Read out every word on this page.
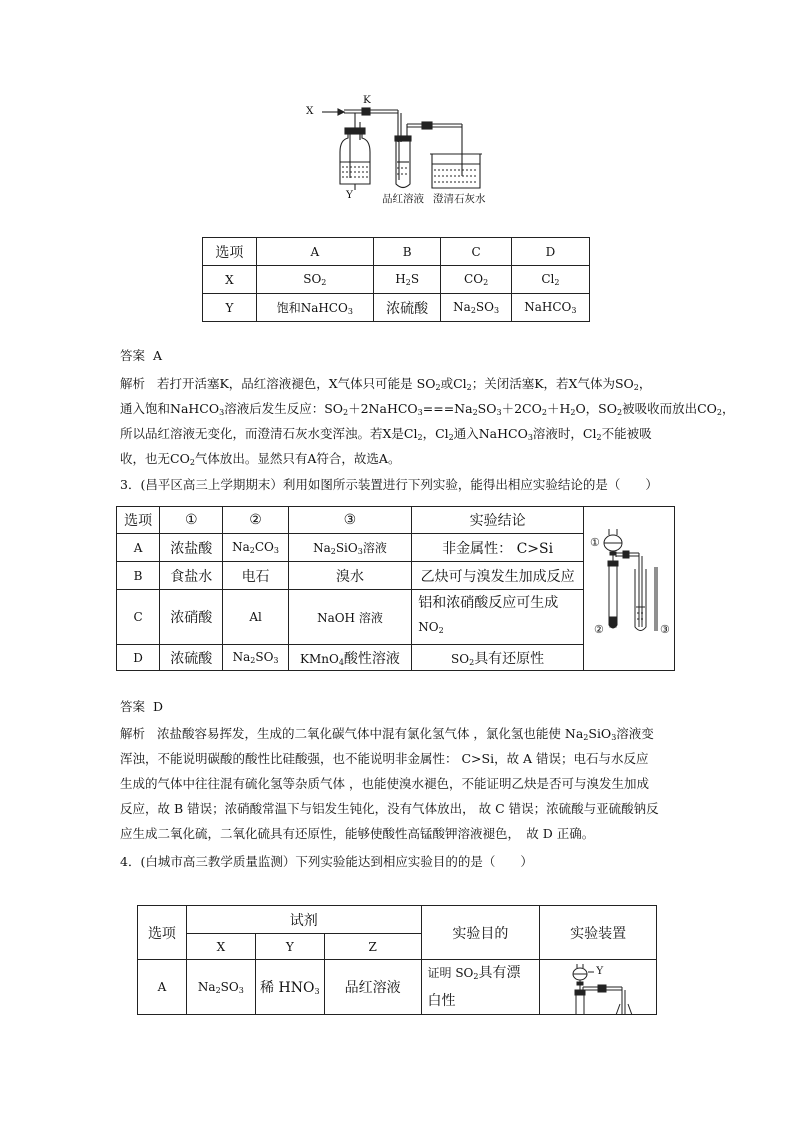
X
K
Y	品红溶液 澄清石灰水
选项	A	B	C	D
X	$SO_2$	$H_2S$	$CO_2$	$Cl_2$
Y	饱和NaHCO$_3$	浓硫酸	$Na_2SO_3$	NaHCO$_3$
答案 A
解析 若打开活塞K，品红溶液褪色，X气体只可能是 $SO_2$或$Cl_2$；关闭活塞K，若X气体为$SO_2$，
通入饱和NaHCO$_3$溶液后发生反应：$SO_2+2NaHCO_3===Na_2SO_3+2CO_2+H_2O$，$SO_2$被吸收而放出$CO_2$，
所以品红溶液无变化，而澄清石灰水变浑浊。若X是$Cl_2$，$Cl_2$通入NaHCO$_3$溶液时，$Cl_2$不能被吸
收，也无$CO_2$气体放出。显然只有A符合，故选A。
3．(昌平区高三上学期期末）利用如图所示装置进行下列实验，能得出相应实验结论的是（　　）
选项	①	②	③	实验结论
A	浓盐酸	$Na_2CO_3$	$Na_2SiO_3$溶液	非金属性： C>Si
B	食盐水	电石	溴水	乙炔可与溴发生加成反应
C	浓硝酸	Al	NaOH 溶液	铝和浓硝酸反应可生成
$NO_2$
D	浓硫酸	$Na_2SO_3$	KMnO$_4$酸性溶液	$SO_2$具有还原性
①
②	③
答案 D
解析 浓盐酸容易挥发，生成的二氧化碳气体中混有氯化氢气体 ，氯化氢也能使 $Na_2SiO_3$溶液变
浑浊，不能说明碳酸的酸性比硅酸强，也不能说明非金属性： C>Si，故 A 错误；电石与水反应
生成的气体中往往混有硫化氢等杂质气体 ，也能使溴水褪色，不能证明乙炔是否可与溴发生加成
反应，故 B 错误；浓硝酸常温下与铝发生钝化，没有气体放出， 故 C 错误；浓硫酸与亚硫酸钠反
应生成二氧化硫，二氧化硫具有还原性，能够使酸性高锰酸钾溶液褪色，　故 D 正确。
4．(白城市高三教学质量监测）下列实验能达到相应实验目的的是（　　）
选项	试剂			实验目的	实验装置
	X	Y	Z		
A	$Na_2SO_3$	稀 $HNO_3$	品红溶液	证明 $SO_2$具有漂
白性	Y
